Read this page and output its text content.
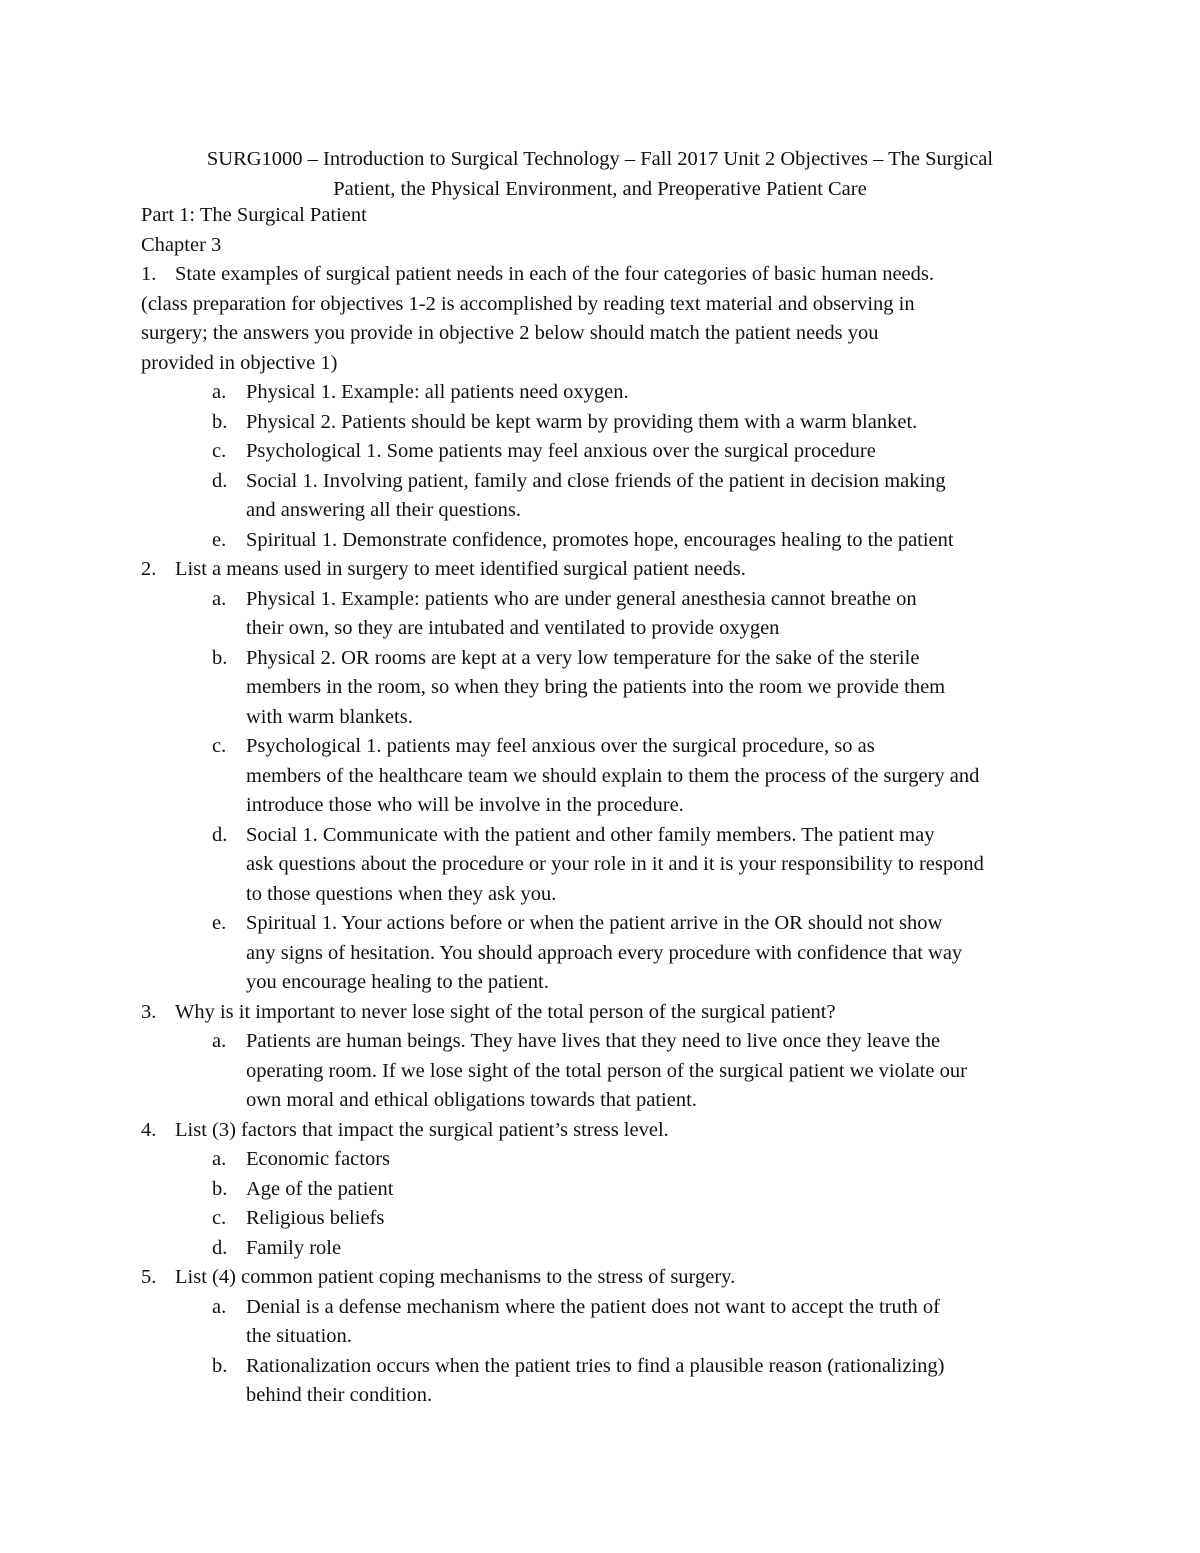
SURG1000 – Introduction to Surgical Technology – Fall 2017 Unit 2 Objectives – The Surgical
Patient, the Physical Environment, and Preoperative Patient Care
Part 1: The Surgical Patient
Chapter 3
1. State examples of surgical patient needs in each of the four categories of basic human needs.
(class preparation for objectives 1-2 is accomplished by reading text material and observing in
surgery; the answers you provide in objective 2 below should match the patient needs you
provided in objective 1)
a. Physical 1. Example: all patients need oxygen.
b. Physical 2. Patients should be kept warm by providing them with a warm blanket.
c. Psychological 1. Some patients may feel anxious over the surgical procedure
d. Social 1. Involving patient, family and close friends of the patient in decision making
and answering all their questions.
e. Spiritual 1. Demonstrate confidence, promotes hope, encourages healing to the patient
2. List a means used in surgery to meet identified surgical patient needs.
a. Physical 1. Example: patients who are under general anesthesia cannot breathe on
their own, so they are intubated and ventilated to provide oxygen
b. Physical 2. OR rooms are kept at a very low temperature for the sake of the sterile
members in the room, so when they bring the patients into the room we provide them
with warm blankets.
c. Psychological 1. patients may feel anxious over the surgical procedure, so as
members of the healthcare team we should explain to them the process of the surgery and
introduce those who will be involve in the procedure.
d. Social 1. Communicate with the patient and other family members. The patient may
ask questions about the procedure or your role in it and it is your responsibility to respond
to those questions when they ask you.
e. Spiritual 1. Your actions before or when the patient arrive in the OR should not show
any signs of hesitation. You should approach every procedure with confidence that way
you encourage healing to the patient.
3. Why is it important to never lose sight of the total person of the surgical patient?
a. Patients are human beings. They have lives that they need to live once they leave the
operating room. If we lose sight of the total person of the surgical patient we violate our
own moral and ethical obligations towards that patient.
4. List (3) factors that impact the surgical patient’s stress level.
a. Economic factors
b. Age of the patient
c. Religious beliefs
d. Family role
5. List (4) common patient coping mechanisms to the stress of surgery.
a. Denial is a defense mechanism where the patient does not want to accept the truth of
the situation.
b. Rationalization occurs when the patient tries to find a plausible reason (rationalizing)
behind their condition.
